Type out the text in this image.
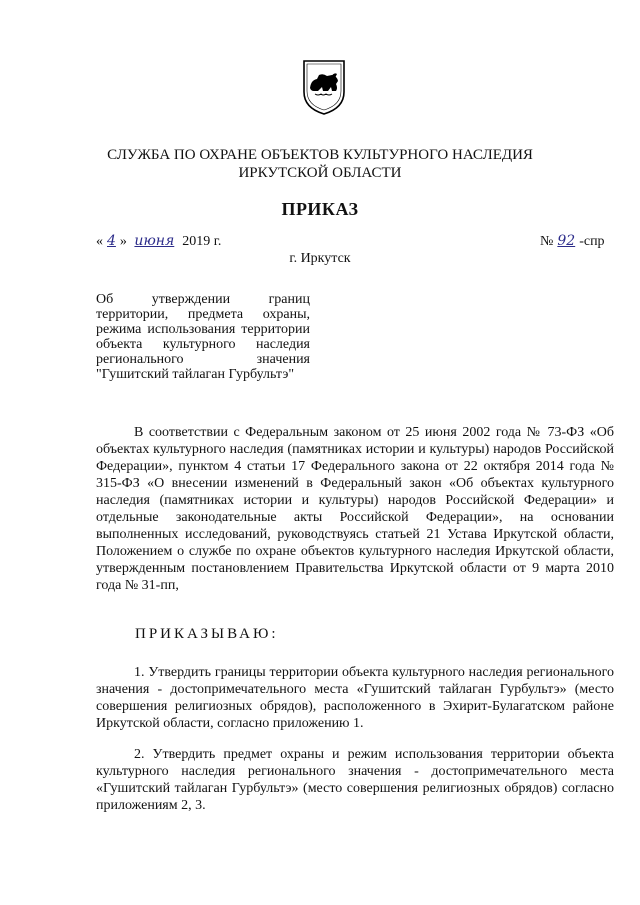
СЛУЖБА ПО ОХРАНЕ ОБЪЕКТОВ КУЛЬТУРНОГО НАСЛЕДИЯ
ИРКУТСКОЙ ОБЛАСТИ
ПРИКАЗ
« 4 » июня 2019 г.	№ 92 -спр
г. Иркутск
Об утверждении границ территории, предмета охраны, режима использования территории объекта культурного наследия регионального значения "Гушитский тайлаган Гурбультэ"
В соответствии с Федеральным законом от 25 июня 2002 года № 73-ФЗ «Об объектах культурного наследия (памятниках истории и культуры) народов Российской Федерации», пунктом 4 статьи 17 Федерального закона от 22 октября 2014 года № 315-ФЗ «О внесении изменений в Федеральный закон «Об объектах культурного наследия (памятниках истории и культуры) народов Российской Федерации» и отдельные законодательные акты Российской Федерации», на основании выполненных исследований, руководствуясь статьей 21 Устава Иркутской области, Положением о службе по охране объектов культурного наследия Иркутской области, утвержденным постановлением Правительства Иркутской области от 9 марта 2010 года № 31-пп,
ПРИКАЗЫВАЮ:
1. Утвердить границы территории объекта культурного наследия регионального значения - достопримечательного места «Гушитский тайлаган Гурбультэ» (место совершения религиозных обрядов), расположенного в Эхирит-Булагатском районе Иркутской области, согласно приложению 1.
2. Утвердить предмет охраны и режим использования территории объекта культурного наследия регионального значения - достопримечательного места «Гушитский тайлаган Гурбультэ» (место совершения религиозных обрядов) согласно приложениям 2, 3.
